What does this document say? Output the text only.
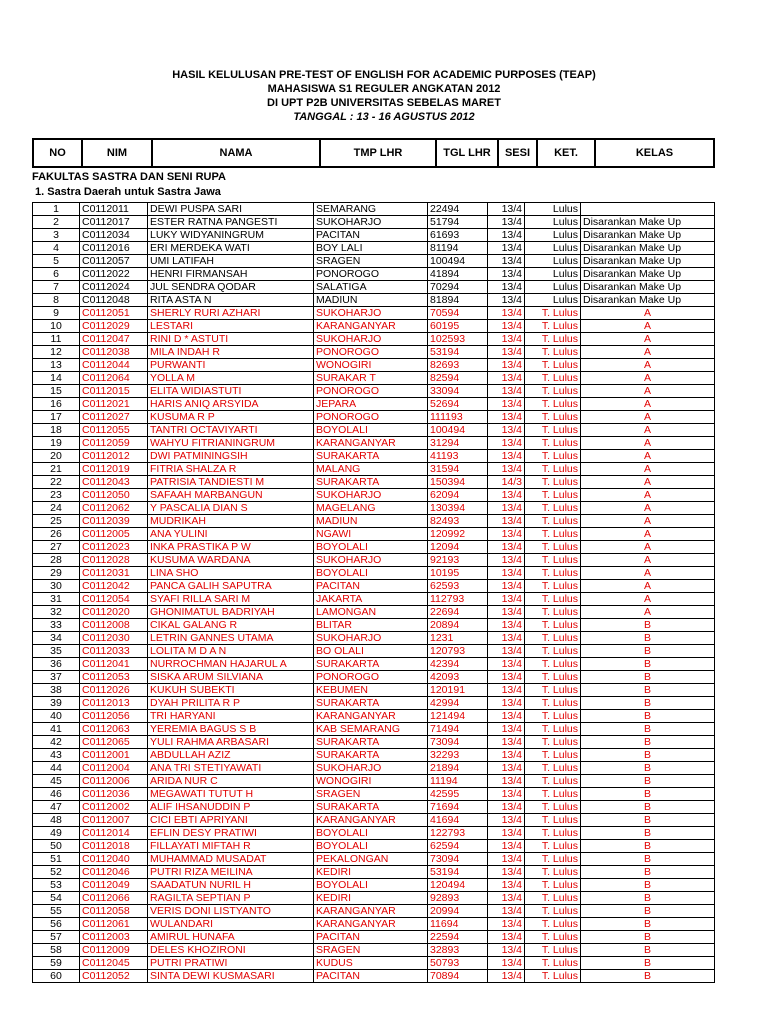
HASIL KELULUSAN PRE-TEST OF ENGLISH FOR ACADEMIC PURPOSES (TEAP)
MAHASISWA S1 REGULER ANGKATAN 2012
DI UPT P2B UNIVERSITAS SEBELAS MARET
TANGGAL : 13 - 16 AGUSTUS 2012
NO	NIM	NAMA	TMP LHR	TGL LHR	SESI	KET.	KELAS
FAKULTAS SASTRA DAN SENI RUPA
1. Sastra Daerah untuk Sastra Jawa
1	C0112011	DEWI PUSPA SARI	SEMARANG	22494	13/4	Lulus	
2	C0112017	ESTER RATNA PANGESTI	SUKOHARJO	51794	13/4	Lulus	Disarankan Make Up
3	C0112034	LUKY WIDYANINGRUM	PACITAN	61693	13/4	Lulus	Disarankan Make Up
4	C0112016	ERI MERDEKA WATI	BOY LALI	81194	13/4	Lulus	Disarankan Make Up
5	C0112057	UMI LATIFAH	SRAGEN	100494	13/4	Lulus	Disarankan Make Up
6	C0112022	HENRI FIRMANSAH	PONOROGO	41894	13/4	Lulus	Disarankan Make Up
7	C0112024	JUL SENDRA QODAR	SALATIGA	70294	13/4	Lulus	Disarankan Make Up
8	C0112048	RITA ASTA N	MADIUN	81894	13/4	Lulus	Disarankan Make Up
9	C0112051	SHERLY RURI AZHARI	SUKOHARJO	70594	13/4	T. Lulus	A
10	C0112029	LESTARI	KARANGANYAR	60195	13/4	T. Lulus	A
11	C0112047	RINI D * ASTUTI	SUKOHARJO	102593	13/4	T. Lulus	A
12	C0112038	MILA INDAH R	PONOROGO	53194	13/4	T. Lulus	A
13	C0112044	PURWANTI	WONOGIRI	82693	13/4	T. Lulus	A
14	C0112064	YOLLA M	SURAKAR T	82594	13/4	T. Lulus	A
15	C0112015	ELITA WIDIASTUTI	PONOROGO	33094	13/4	T. Lulus	A
16	C0112021	HARIS ANIQ ARSYIDA	JEPARA	52694	13/4	T. Lulus	A
17	C0112027	KUSUMA R P	PONOROGO	111193	13/4	T. Lulus	A
18	C0112055	TANTRI OCTAVIYARTI	BOYOLALI	100494	13/4	T. Lulus	A
19	C0112059	WAHYU FITRIANINGRUM	KARANGANYAR	31294	13/4	T. Lulus	A
20	C0112012	DWI PATMININGSIH	SURAKARTA	41193	13/4	T. Lulus	A
21	C0112019	FITRIA SHALZA R	MALANG	31594	13/4	T. Lulus	A
22	C0112043	PATRISIA TANDIESTI M	SURAKARTA	150394	14/3	T. Lulus	A
23	C0112050	SAFAAH MARBANGUN	SUKOHARJO	62094	13/4	T. Lulus	A
24	C0112062	Y PASCALIA DIAN S	MAGELANG	130394	13/4	T. Lulus	A
25	C0112039	MUDRIKAH	MADIUN	82493	13/4	T. Lulus	A
26	C0112005	ANA YULINI	NGAWI	120992	13/4	T. Lulus	A
27	C0112023	INKA PRASTIKA P W	BOYOLALI	12094	13/4	T. Lulus	A
28	C0112028	KUSUMA WARDANA	SUKOHARJO	92193	13/4	T. Lulus	A
29	C0112031	LINA SHO	BOYOLALI	10195	13/4	T. Lulus	A
30	C0112042	PANCA GALIH SAPUTRA	PACITAN	62593	13/4	T. Lulus	A
31	C0112054	SYAFI RILLA SARI M	JAKARTA	112793	13/4	T. Lulus	A
32	C0112020	GHONIMATUL BADRIYAH	LAMONGAN	22694	13/4	T. Lulus	A
33	C0112008	CIKAL GALANG R	BLITAR	20894	13/4	T. Lulus	B
34	C0112030	LETRIN GANNES UTAMA	SUKOHARJO	1231	13/4	T. Lulus	B
35	C0112033	LOLITA M D A N	BO OLALI	120793	13/4	T. Lulus	B
36	C0112041	NURROCHMAN HAJARUL A	SURAKARTA	42394	13/4	T. Lulus	B
37	C0112053	SISKA ARUM SILVIANA	PONOROGO	42093	13/4	T. Lulus	B
38	C0112026	KUKUH SUBEKTI	KEBUMEN	120191	13/4	T. Lulus	B
39	C0112013	DYAH PRILITA R P	SURAKARTA	42994	13/4	T. Lulus	B
40	C0112056	TRI HARYANI	KARANGANYAR	121494	13/4	T. Lulus	B
41	C0112063	YEREMIA BAGUS S B	KAB SEMARANG	71494	13/4	T. Lulus	B
42	C0112065	YULI RAHMA ARBASARI	SURAKARTA	73094	13/4	T. Lulus	B
43	C0112001	ABDULLAH AZIZ	SURAKARTA	32293	13/4	T. Lulus	B
44	C0112004	ANA TRI STETIYAWATI	SUKOHARJO	21894	13/4	T. Lulus	B
45	C0112006	ARIDA NUR C	WONOGIRI	11194	13/4	T. Lulus	B
46	C0112036	MEGAWATI TUTUT H	SRAGEN	42595	13/4	T. Lulus	B
47	C0112002	ALIF IHSANUDDIN P	SURAKARTA	71694	13/4	T. Lulus	B
48	C0112007	CICI EBTI APRIYANI	KARANGANYAR	41694	13/4	T. Lulus	B
49	C0112014	EFLIN DESY PRATIWI	BOYOLALI	122793	13/4	T. Lulus	B
50	C0112018	FILLAYATI MIFTAH R	BOYOLALI	62594	13/4	T. Lulus	B
51	C0112040	MUHAMMAD MUSADAT	PEKALONGAN	73094	13/4	T. Lulus	B
52	C0112046	PUTRI RIZA MEILINA	KEDIRI	53194	13/4	T. Lulus	B
53	C0112049	SAADATUN NURIL H	BOYOLALI	120494	13/4	T. Lulus	B
54	C0112066	RAGILTA SEPTIAN P	KEDIRI	92893	13/4	T. Lulus	B
55	C0112058	VERIS DONI LISTYANTO	KARANGANYAR	20994	13/4	T. Lulus	B
56	C0112061	WULANDARI	KARANGANYAR	11694	13/4	T. Lulus	B
57	C0112003	AMIRUL HUNAFA	PACITAN	22594	13/4	T. Lulus	B
58	C0112009	DELES KHOZIRONI	SRAGEN	32893	13/4	T. Lulus	B
59	C0112045	PUTRI PRATIWI	KUDUS	50793	13/4	T. Lulus	B
60	C0112052	SINTA DEWI KUSMASARI	PACITAN	70894	13/4	T. Lulus	B
